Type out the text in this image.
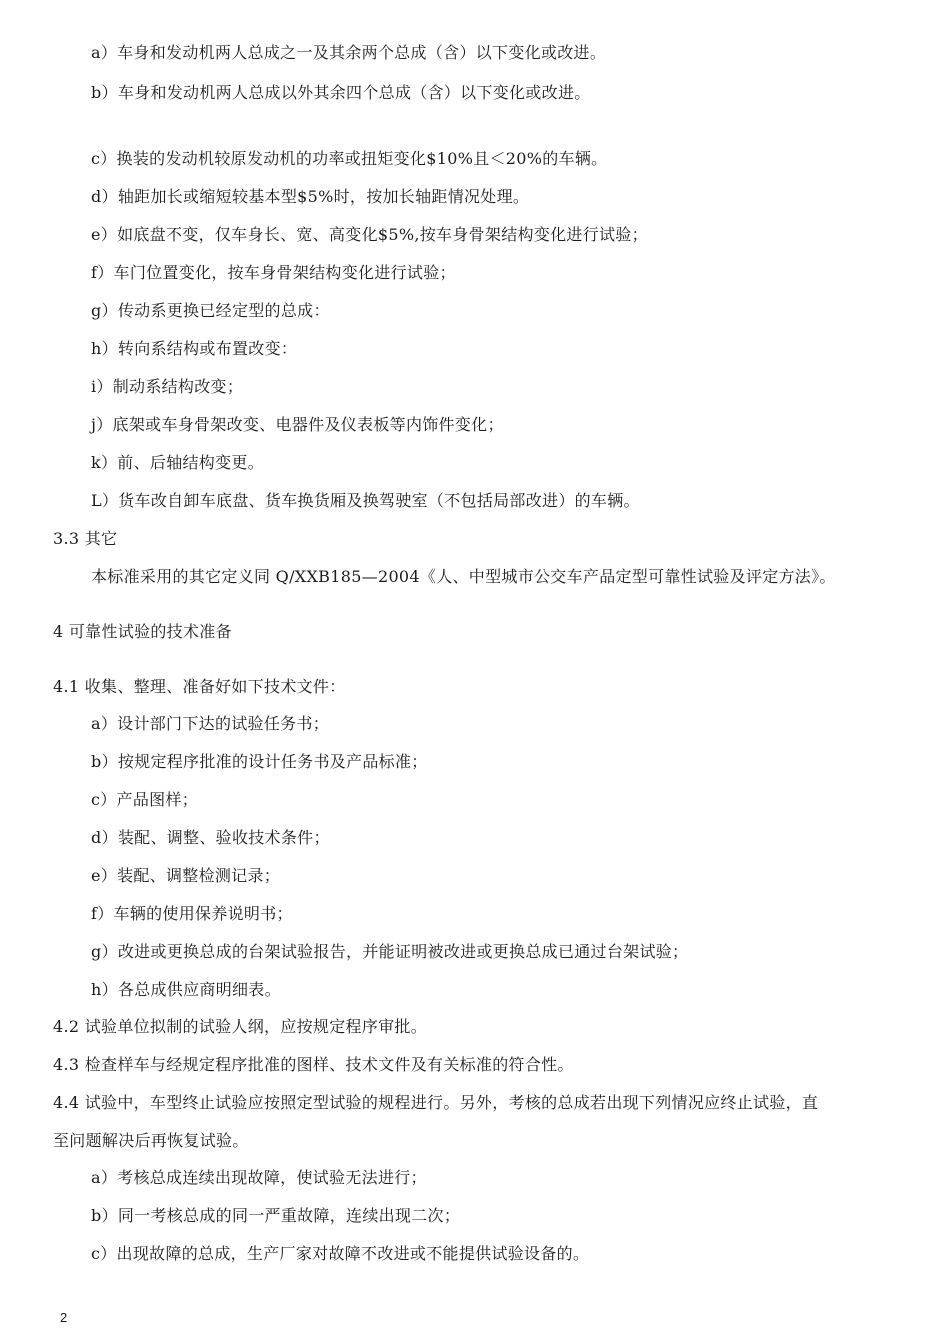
a）车身和发动机两人总成之一及其余两个总成（含）以下变化或改进。
b）车身和发动机两人总成以外其余四个总成（含）以下变化或改进。
c）换装的发动机较原发动机的功率或扭矩变化$10%且＜20%的车辆。
d）轴距加长或缩短较基本型$5%时，按加长轴距情况处理。
e）如底盘不变，仅车身长、宽、高变化$5%,按车身骨架结构变化进行试验；
f）车门位置变化，按车身骨架结构变化进行试验；
g）传动系更换已经定型的总成：
h）转向系结构或布置改变：
i）制动系结构改变；
j）底架或车身骨架改变、电器件及仪表板等内饰件变化；
k）前、后轴结构变更。
L）货车改自卸车底盘、货车换货厢及换驾驶室（不包括局部改进）的车辆。
3.3 其它
本标准采用的其它定义同 Q/XXB185—2004《人、中型城市公交车产品定型可靠性试验及评定方法》。
4 可靠性试验的技术准备
4.1 收集、整理、准备好如下技术文件：
a）设计部门下达的试验任务书；
b）按规定程序批准的设计任务书及产品标准；
c）产品图样；
d）装配、调整、验收技术条件；
e）装配、调整检测记录；
f）车辆的使用保养说明书；
g）改进或更换总成的台架试验报告，并能证明被改进或更换总成已通过台架试验；
h）各总成供应商明细表。
4.2 试验单位拟制的试验人纲，应按规定程序审批。
4.3 检查样车与经规定程序批准的图样、技术文件及有关标准的符合性。
4.4 试验中，车型终止试验应按照定型试验的规程进行。另外，考核的总成若出现下列情况应终止试验，直
至问题解决后再恢复试验。
a）考核总成连续出现故障，使试验无法进行；
b）同一考核总成的同一严重故障，连续出现二次；
c）出现故障的总成，生产厂家对故障不改进或不能提供试验设备的。
2
